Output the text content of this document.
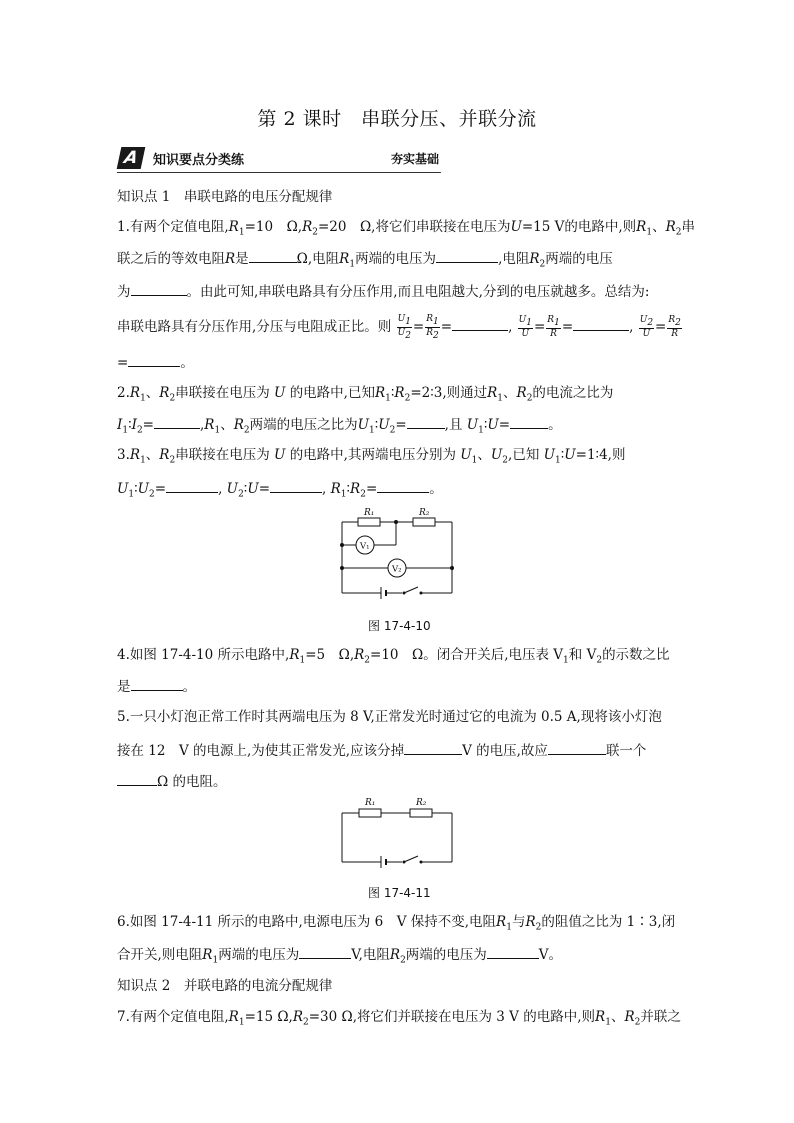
第 2 课时　串联分压、并联分流
A	知识要点分类练	夯实基础
知识点 1　串联电路的电压分配规律
1.有两个定值电阻$,R_1=10$　$\Omega,R_2=20$　Ω,将它们串联接在电压为U=15 V的电路中,则$R_1$、$R_2$串
联之后的等效电阻R是	Ω,电阻$R_1$两端的电压为	,电阻$R_2$两端的电压
为	。由此可知,串联电路具有分压作用,而且电阻越大,分到的电压就越多。总结为:
串联电路具有分压作用,分压与电阻成正比。则 $\frac{U_1}{U_2} = \frac{R_1}{R_2}$ =	, $\frac{U_1}{U} = \frac{R_1}{R}$ =	, $\frac{U_2}{U} = \frac{R_2}{R}$
=	。
$2.R_1$、$R_2$串联接在电压为 U 的电路中,已知$R_1∶R_2=2∶3$,则通过$R_1$、$R_2$的电流之比为
$I_1∶I_2=$	$,R_1$、$R_2$两端的电压之比为$U_1∶U_2=$	,且 $U_1∶U=$	。
$3.R_1$、$R_2$串联接在电压为 U 的电路中,其两端电压分别为 $U_1$、$U_2$,已知 $U_1∶U=1∶4$,则
$U_1∶U_2=$	, $U_2∶U=$	, $R_1∶R_2=$	。
R₁	R₂
V₁
V₂
图 17-4-10
4.如图 17-4-10 所示电路中$,R_1=5$　$\Omega,R_2=10$　Ω。闭合开关后,电压表 $V_1$和 $V_2$的示数之比
是	。
5.一只小灯泡正常工作时其两端电压为 8 V,正常发光时通过它的电流为 0.5 A,现将该小灯泡
接在 12　V 的电源上,为使其正常发光,应该分掉	V 的电压,故应	联一个
Ω 的电阻。
R₁	R₂
图 17-4-11
6.如图 17-4-11 所示的电路中,电源电压为 6　V 保持不变,电阻$R_1$与$R_2$的阻值之比为 1∶3,闭
合开关,则电阻$R_1$两端的电压为	V,电阻$R_2$两端的电压为	V。
知识点 2　并联电路的电流分配规律
7.有两个定值电阻$,R_1=15$ $\Omega,R_2=30$ Ω,将它们并联接在电压为 3 V 的电路中,则$R_1$、$R_2$并联之
